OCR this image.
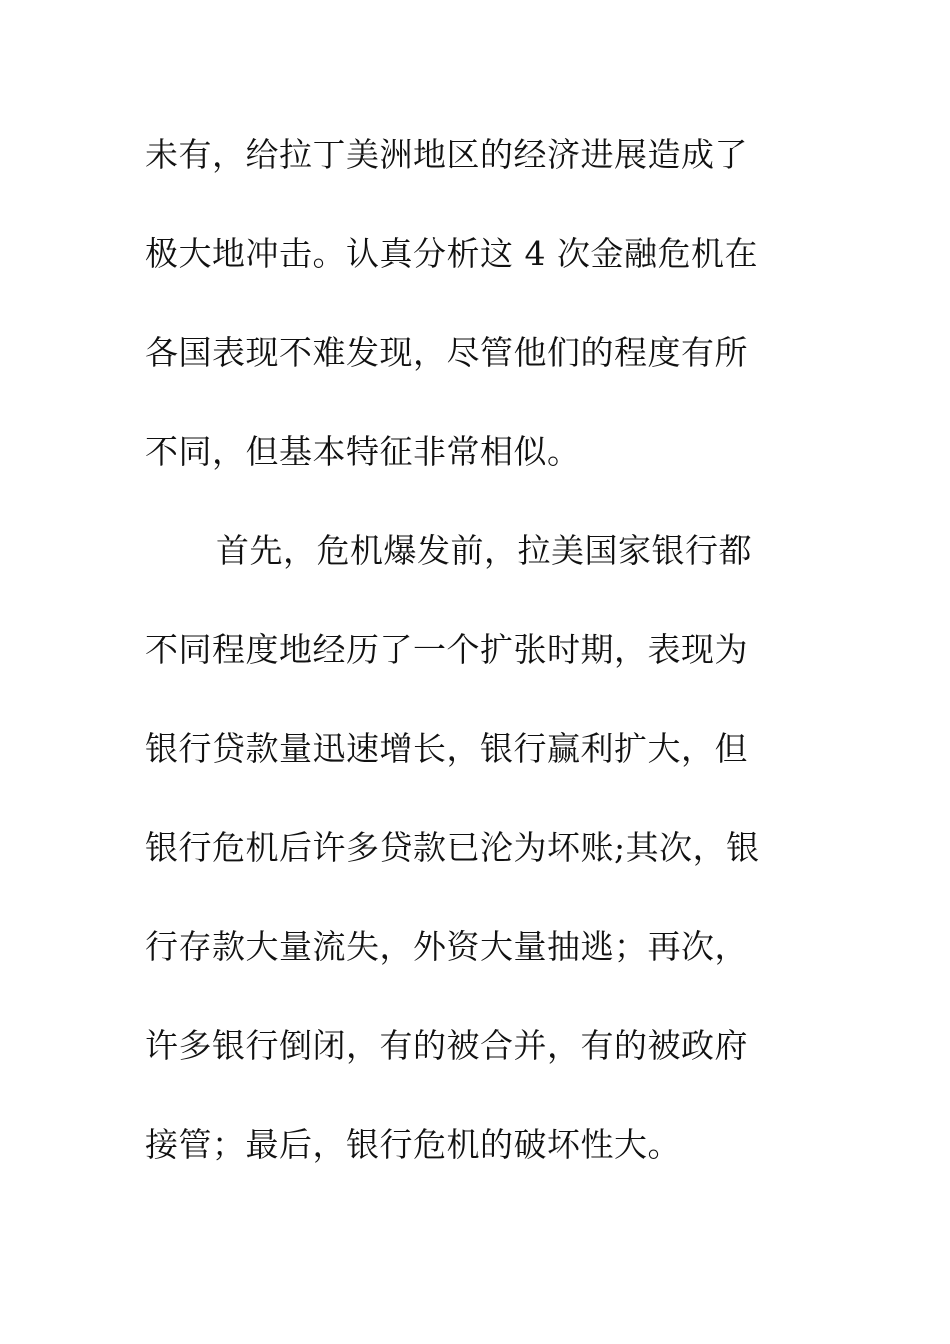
未有，给拉丁美洲地区的经济进展造成了
极大地冲击。认真分析这 4 次金融危机在
各国表现不难发现，尽管他们的程度有所
不同，但基本特征非常相似。
首先，危机爆发前，拉美国家银行都
不同程度地经历了一个扩张时期，表现为
银行贷款量迅速增长，银行赢利扩大，但
银行危机后许多贷款已沦为坏账;其次，银
行存款大量流失，外资大量抽逃；再次，
许多银行倒闭，有的被合并，有的被政府
接管；最后，银行危机的破坏性大。
